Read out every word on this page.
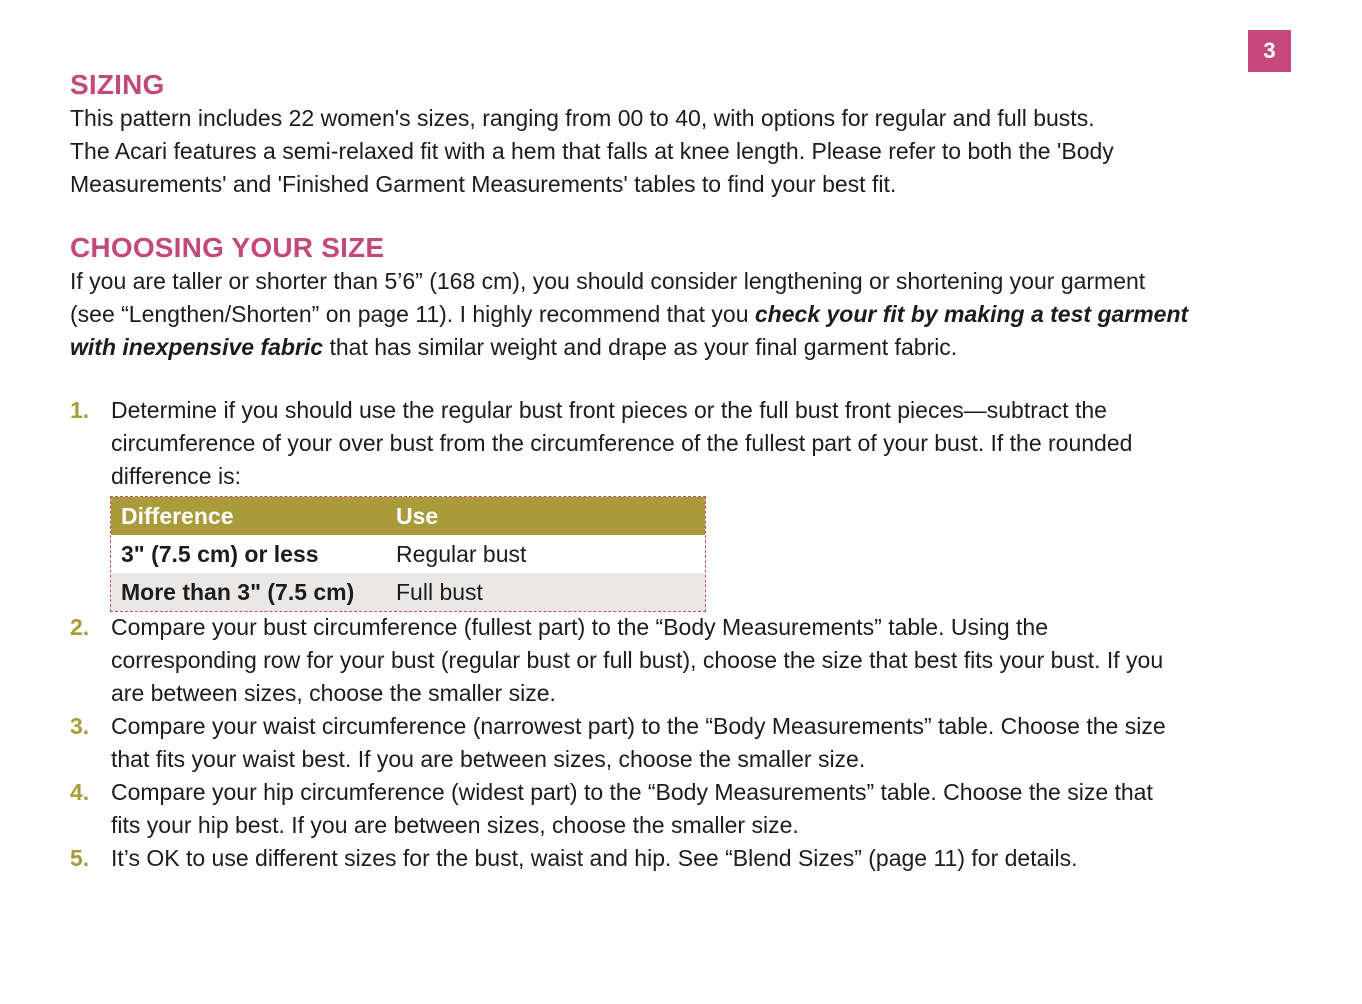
3
SIZING

This pattern includes 22 women's sizes, ranging from 00 to 40, with options for regular and full busts.
The Acari features a semi-relaxed fit with a hem that falls at knee length. Please refer to both the 'Body
Measurements' and 'Finished Garment Measurements' tables to find your best fit.

CHOOSING YOUR SIZE

If you are taller or shorter than 5’6” (168 cm), you should consider lengthening or shortening your garment
(see “Lengthen/Shorten” on page 11). I highly recommend that you check your fit by making a test garment
with inexpensive fabric that has similar weight and drape as your final garment fabric.

1. Determine if you should use the regular bust front pieces or the full bust front pieces—subtract the
circumference of your over bust from the circumference of the fullest part of your bust. If the rounded
difference is:
Difference	Use
3" (7.5 cm) or less	Regular bust
More than 3" (7.5 cm)	Full bust
2. Compare your bust circumference (fullest part) to the “Body Measurements” table. Using the
corresponding row for your bust (regular bust or full bust), choose the size that best fits your bust. If you
are between sizes, choose the smaller size.
3. Compare your waist circumference (narrowest part) to the “Body Measurements” table. Choose the size
that fits your waist best. If you are between sizes, choose the smaller size.
4. Compare your hip circumference (widest part) to the “Body Measurements” table. Choose the size that
fits your hip best. If you are between sizes, choose the smaller size.
5. It’s OK to use different sizes for the bust, waist and hip. See “Blend Sizes” (page 11) for details.
